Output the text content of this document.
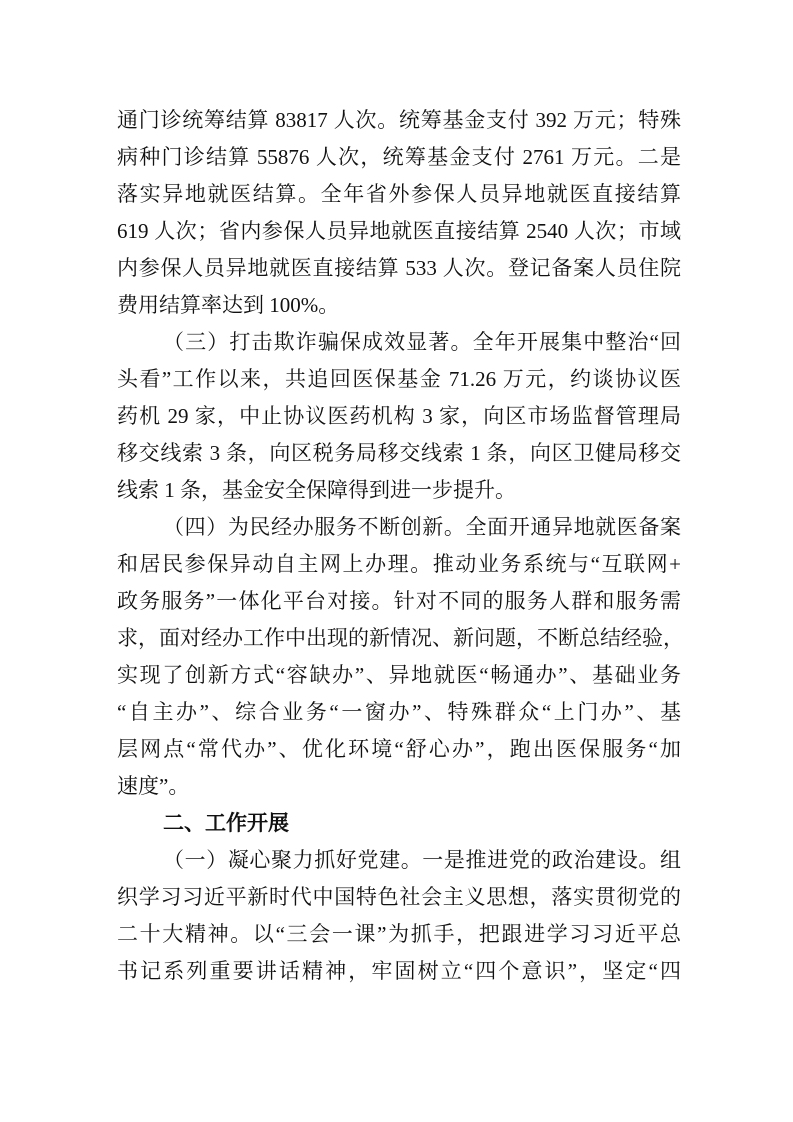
通门诊统筹结算 83817 人次。统筹基金支付 392 万元；特殊
病种门诊结算 55876 人次，统筹基金支付 2761 万元。二是
落实异地就医结算。全年省外参保人员异地就医直接结算
619 人次；省内参保人员异地就医直接结算 2540 人次；市域
内参保人员异地就医直接结算 533 人次。登记备案人员住院
费用结算率达到 100%。
（三）打击欺诈骗保成效显著。全年开展集中整治“回
头看”工作以来，共追回医保基金 71.26 万元，约谈协议医
药机 29 家，中止协议医药机构 3 家，向区市场监督管理局
移交线索 3 条，向区税务局移交线索 1 条，向区卫健局移交
线索 1 条，基金安全保障得到进一步提升。
（四）为民经办服务不断创新。全面开通异地就医备案
和居民参保异动自主网上办理。推动业务系统与“互联网+
政务服务”一体化平台对接。针对不同的服务人群和服务需
求，面对经办工作中出现的新情况、新问题，不断总结经验，
实现了创新方式“容缺办”、异地就医“畅通办”、基础业务
“自主办”、综合业务“一窗办”、特殊群众“上门办”、基
层网点“常代办”、优化环境“舒心办”，跑出医保服务“加
速度”。
二、工作开展
（一）凝心聚力抓好党建。一是推进党的政治建设。组
织学习习近平新时代中国特色社会主义思想，落实贯彻党的
二十大精神。以“三会一课”为抓手，把跟进学习习近平总
书记系列重要讲话精神，牢固树立“四个意识”，坚定“四
